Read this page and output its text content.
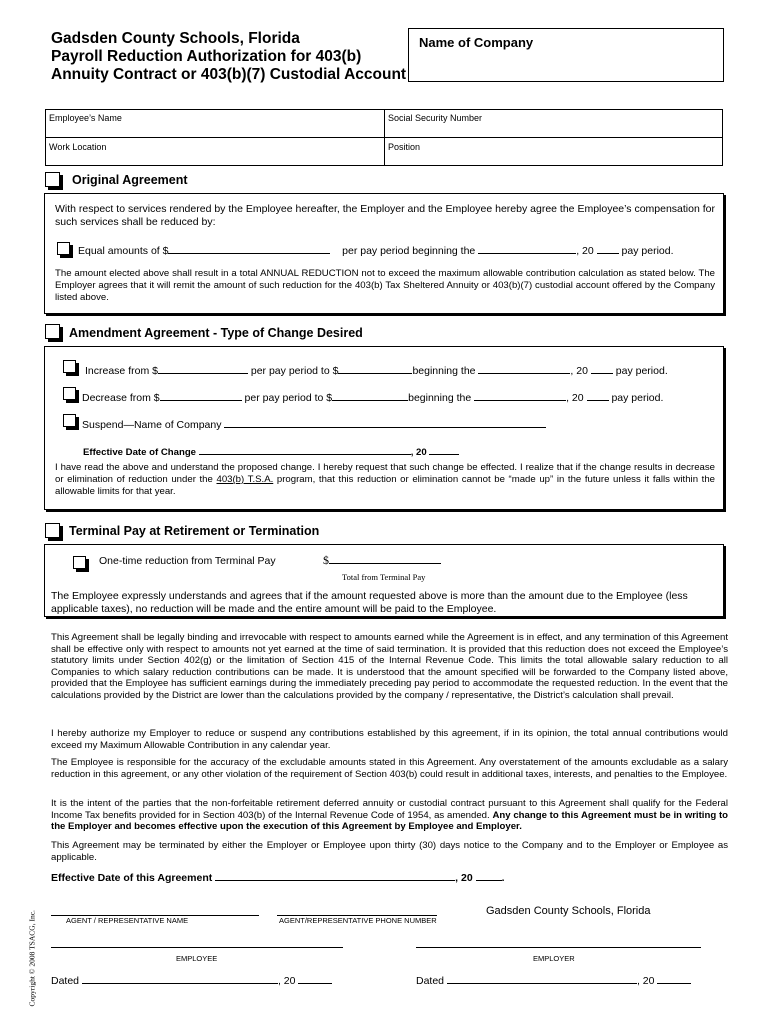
Gadsden County Schools, Florida
Payroll Reduction Authorization for 403(b)
Annuity Contract or 403(b)(7) Custodial Account
Name of Company
Employee’s Name	Social Security Number
Work Location	Position
Original Agreement
With respect to services rendered by the Employee hereafter, the Employer and the Employee hereby agree the Employee’s compensation for such services shall be reduced by:
Equal amounts of $	per pay period beginning the	, 20	pay period.
The amount elected above shall result in a total ANNUAL REDUCTION not to exceed the maximum allowable contribution calculation as stated below. The Employer agrees that it will remit the amount of such reduction for the 403(b) Tax Sheltered Annuity or 403(b)(7) custodial account offered by the Company listed above.
Amendment Agreement - Type of Change Desired
Increase from $	per pay period to $	beginning the	, 20	pay period.
Decrease from $	per pay period to $	beginning the	, 20	pay period.
Suspend—Name of Company
Effective Date of Change	, 20
I have read the above and understand the proposed change. I hereby request that such change be effected. I realize that if the change results in decrease or elimination of reduction under the 403(b) T.S.A. program, that this reduction or elimination cannot be “made up” in the future unless it falls within the allowable limits for that year.
Terminal Pay at Retirement or Termination
One-time reduction from Terminal Pay	$
Total from Terminal Pay
The Employee expressly understands and agrees that if the amount requested above is more than the amount due to the Employee (less applicable taxes), no reduction will be made and the entire amount will be paid to the Employee.
This Agreement shall be legally binding and irrevocable with respect to amounts earned while the Agreement is in effect, and any termination of this Agreement shall be effective only with respect to amounts not yet earned at the time of said termination. It is provided that this reduction does not exceed the Employee’s statutory limits under Section 402(g) or the limitation of Section 415 of the Internal Revenue Code. This limits the total allowable salary reduction to all Companies to which salary reduction contributions can be made. It is understood that the amount specified will be forwarded to the Company listed above, provided that the Employee has sufficient earnings during the immediately preceding pay period to accommodate the requested reduction. In the event that the calculations provided by the District are lower than the calculations provided by the company / representative, the District’s calculation shall prevail.
I hereby authorize my Employer to reduce or suspend any contributions established by this agreement, if in its opinion, the total annual contributions would exceed my Maximum Allowable Contribution in any calendar year.
The Employee is responsible for the accuracy of the excludable amounts stated in this Agreement. Any overstatement of the amounts excludable as a salary reduction in this agreement, or any other violation of the requirement of Section 403(b) could result in additional taxes, interests, and penalties to the Employee.
It is the intent of the parties that the non-forfeitable retirement deferred annuity or custodial contract pursuant to this Agreement shall qualify for the Federal Income Tax benefits provided for in Section 403(b) of the Internal Revenue Code of 1954, as amended. Any change to this Agreement must be in writing to the Employer and becomes effective upon the execution of this Agreement by Employee and Employer.
This Agreement may be terminated by either the Employer or Employee upon thirty (30) days notice to the Company and to the Employer or Employee as applicable.
Effective Date of this Agreement	, 20	.
AGENT / REPRESENTATIVE NAME	AGENT/REPRESENTATIVE PHONE NUMBER
Gadsden County Schools, Florida
EMPLOYEE	EMPLOYER
Dated	, 20	Dated	, 20
Copyright © 2008 TSACG, Inc.
